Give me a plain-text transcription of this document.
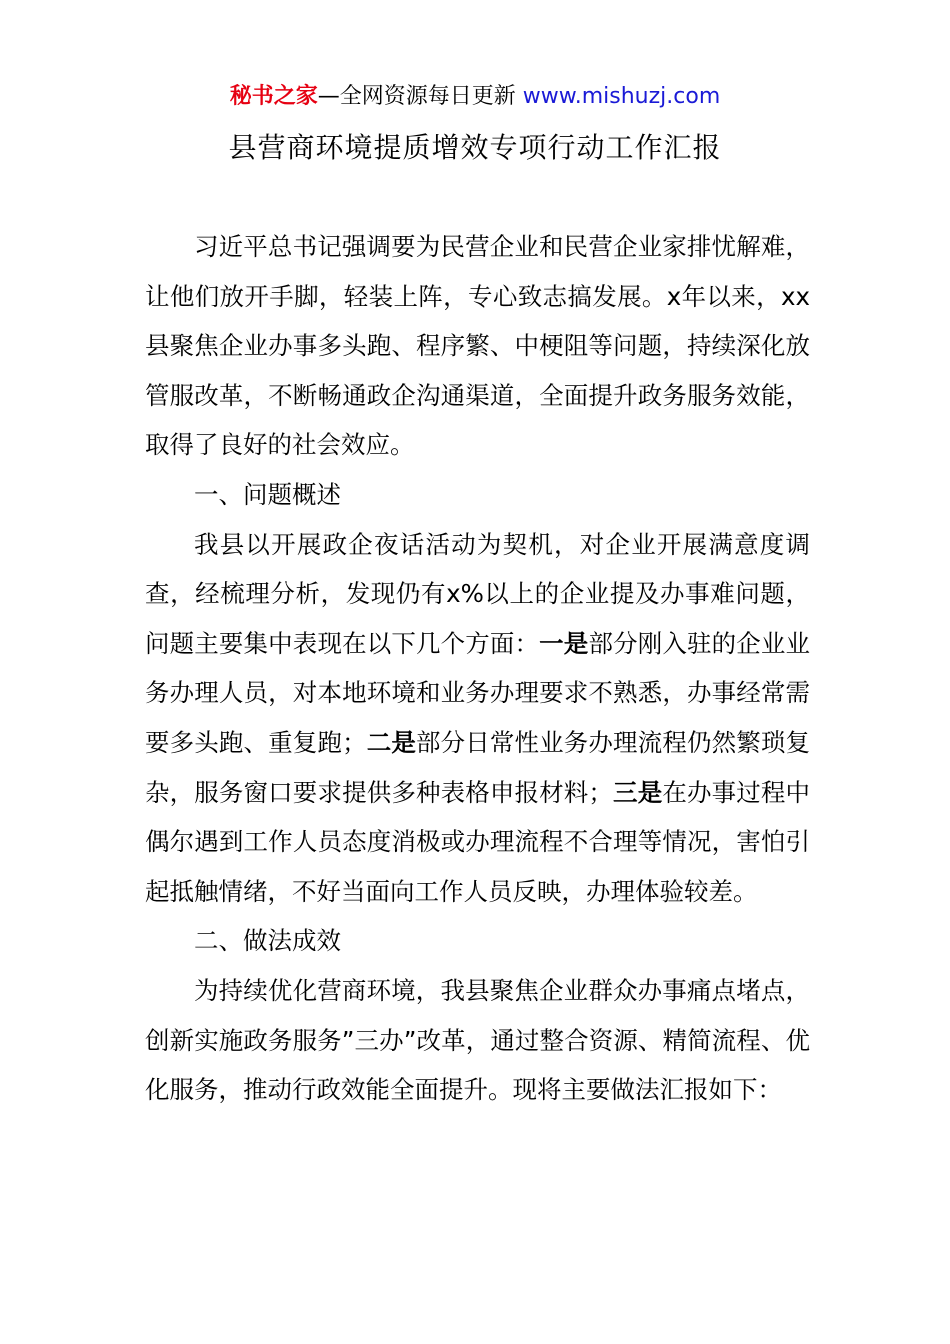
秘书之家—全网资源每日更新 www.mishuzj.com
县营商环境提质增效专项行动工作汇报

习近平总书记强调要为民营企业和民营企业家排忧解难，让他们放开手脚，轻装上阵，专心致志搞发展。x年以来，xx县聚焦企业办事多头跑、程序繁、中梗阻等问题，持续深化放管服改革，不断畅通政企沟通渠道，全面提升政务服务效能，取得了良好的社会效应。

一、问题概述

我县以开展政企夜话活动为契机，对企业开展满意度调查，经梳理分析，发现仍有x%以上的企业提及办事难问题，问题主要集中表现在以下几个方面：一是部分刚入驻的企业业务办理人员，对本地环境和业务办理要求不熟悉，办事经常需要多头跑、重复跑；二是部分日常性业务办理流程仍然繁琐复杂，服务窗口要求提供多种表格申报材料；三是在办事过程中偶尔遇到工作人员态度消极或办理流程不合理等情况，害怕引起抵触情绪，不好当面向工作人员反映，办理体验较差。

二、做法成效

为持续优化营商环境，我县聚焦企业群众办事痛点堵点，创新实施政务服务”三办”改革，通过整合资源、精简流程、优化服务，推动行政效能全面提升。现将主要做法汇报如下：
